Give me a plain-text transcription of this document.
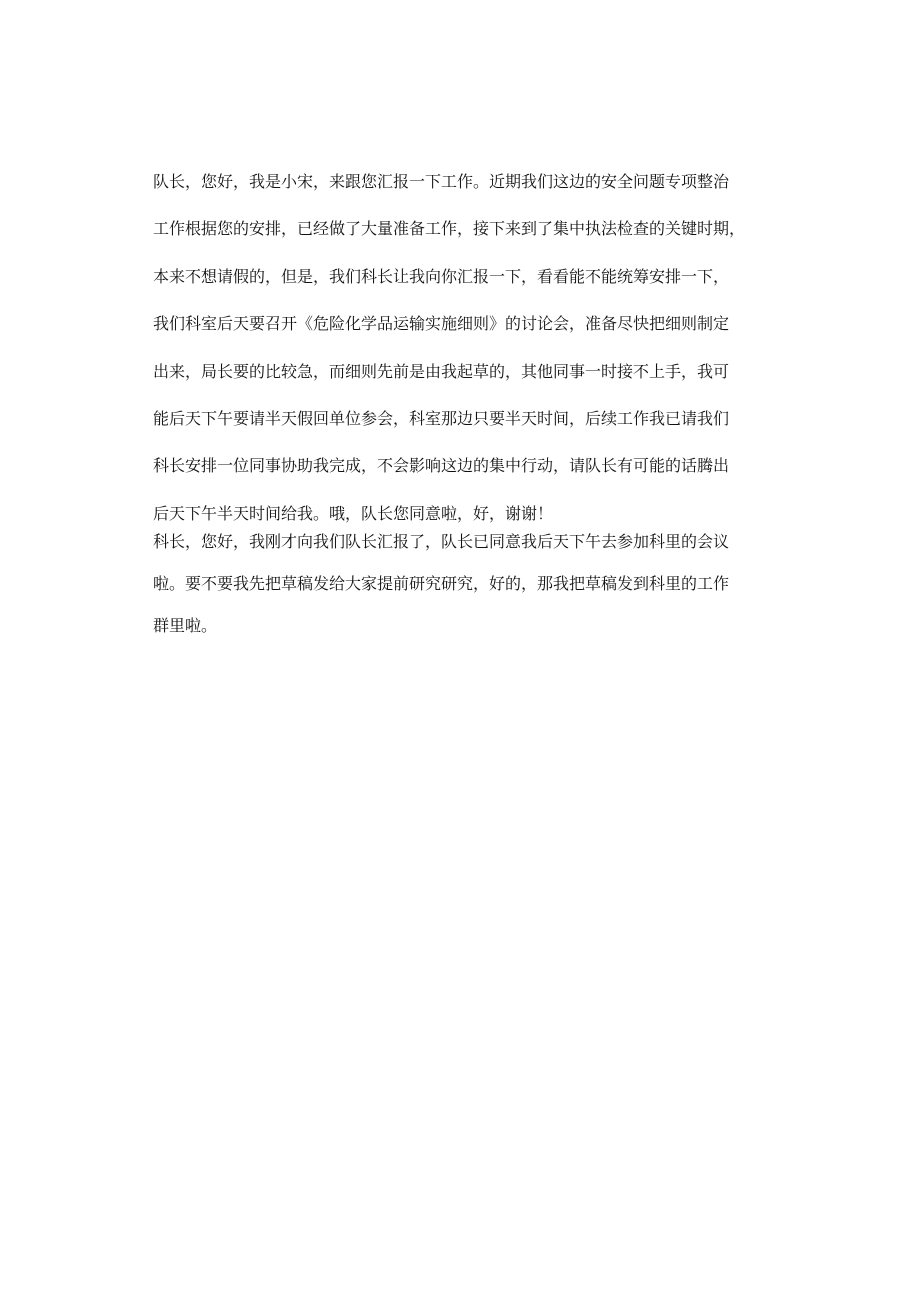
队长，您好，我是小宋，来跟您汇报一下工作。近期我们这边的安全问题专项整治
工作根据您的安排，已经做了大量准备工作，接下来到了集中执法检查的关键时期，
本来不想请假的，但是，我们科长让我向你汇报一下，看看能不能统筹安排一下，
我们科室后天要召开《危险化学品运输实施细则》的讨论会，准备尽快把细则制定
出来，局长要的比较急，而细则先前是由我起草的，其他同事一时接不上手，我可
能后天下午要请半天假回单位参会，科室那边只要半天时间，后续工作我已请我们
科长安排一位同事协助我完成，不会影响这边的集中行动，请队长有可能的话腾出
后天下午半天时间给我。哦，队长您同意啦，好，谢谢！
科长，您好，我刚才向我们队长汇报了，队长已同意我后天下午去参加科里的会议
啦。要不要我先把草稿发给大家提前研究研究，好的，那我把草稿发到科里的工作
群里啦。
